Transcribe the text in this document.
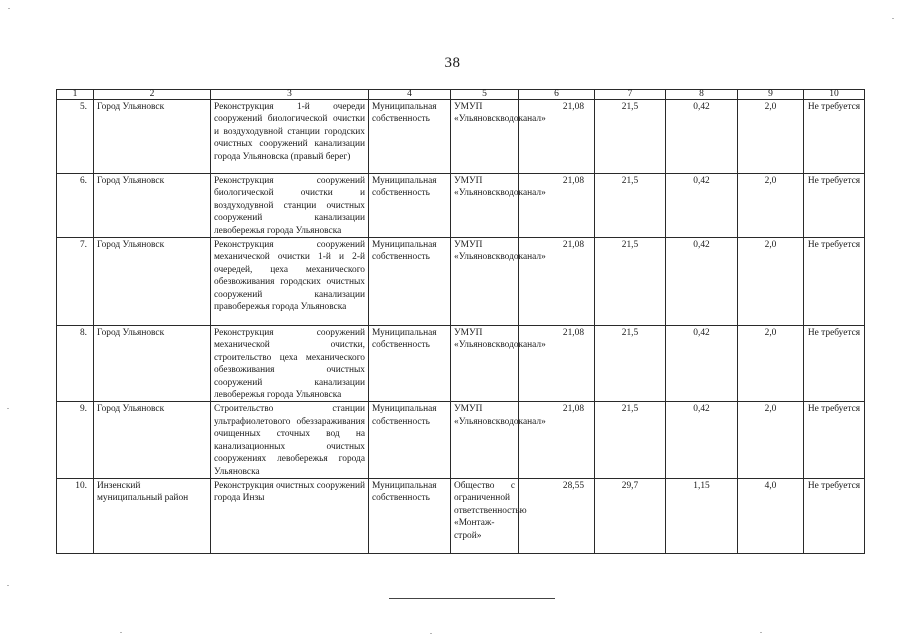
38
1	2	3	4	5	6	7	8	9	10
5.	Город Ульяновск	Реконструкция 1-й очереди сооружений биологической очистки и воздуходувной станции городских очистных сооружений канализации города Ульяновска (правый берег)	Муниципальная собственность	УМУП «Ульяновскводоканал»	21,08	21,5	0,42	2,0	Не требуется
6.	Город Ульяновск	Реконструкция сооружений биологической очистки и воздуходувной станции очистных сооружений канализации левобережья города Ульяновска	Муниципальная собственность	УМУП «Ульяновскводоканал»	21,08	21,5	0,42	2,0	Не требуется
7.	Город Ульяновск	Реконструкция сооружений механической очистки 1-й и 2-й очередей, цеха механического обезвоживания городских очистных сооружений канализации правобережья города Ульяновска	Муниципальная собственность	УМУП «Ульяновскводоканал»	21,08	21,5	0,42	2,0	Не требуется
8.	Город Ульяновск	Реконструкция сооружений механической очистки, строительство цеха механического обезвоживания очистных сооружений канализации левобережья города Ульяновска	Муниципальная собственность	УМУП «Ульяновскводоканал»	21,08	21,5	0,42	2,0	Не требуется
9.	Город Ульяновск	Строительство станции ультрафиолетового обеззараживания очищенных сточных вод на канализационных очистных сооружениях левобережья города Ульяновска	Муниципальная собственность	УМУП «Ульяновскводоканал»	21,08	21,5	0,42	2,0	Не требуется
10.	Инзенский муниципальный район	Реконструкция очистных сооружений города Инзы	Муниципальная собственность	Общество с ограниченной ответственностью «Монтаж-строй»	28,55	29,7	1,15	4,0	Не требуется
